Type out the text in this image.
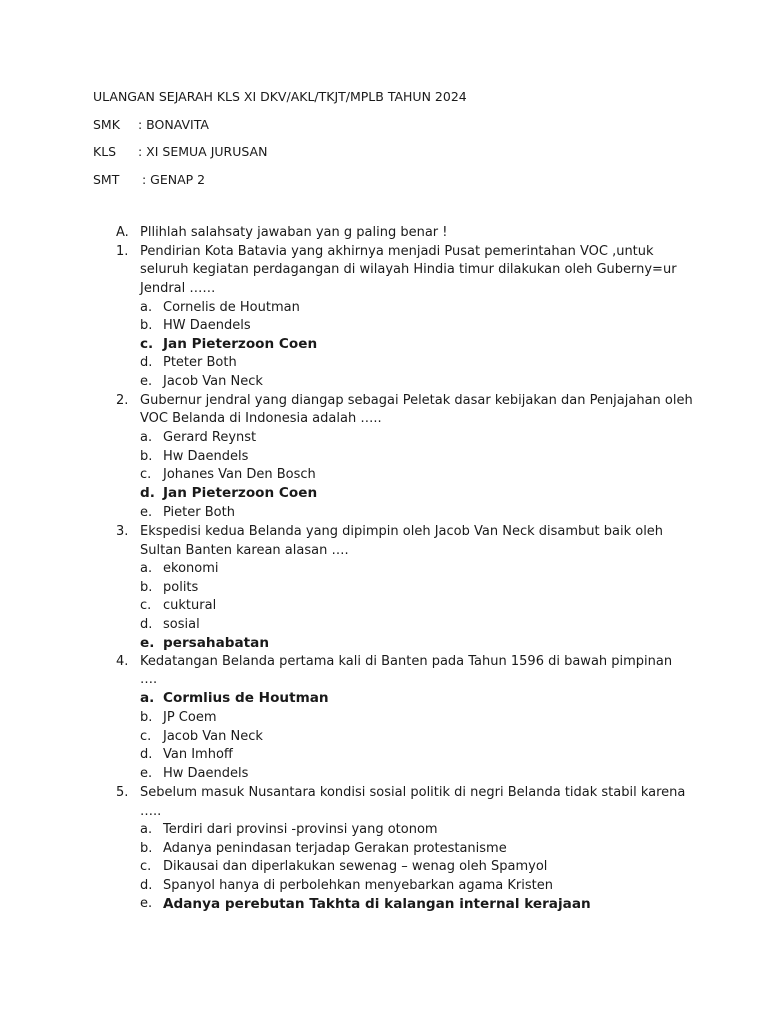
ULANGAN SEJARAH KLS XI DKV/AKL/TKJT/MPLB TAHUN 2024
SMK : BONAVITA
KLS : XI SEMUA JURUSAN
SMT : GENAP 2
A. Pllihlah salahsaty jawaban yan g paling benar !
1. Pendirian Kota Batavia yang akhirnya menjadi Pusat pemerintahan VOC ,untuk
seluruh kegiatan perdagangan di wilayah Hindia timur dilakukan oleh Guberny=ur
Jendral ……
a. Cornelis de Houtman
b. HW Daendels
c. Jan Pieterzoon Coen
d. Pteter Both
e. Jacob Van Neck
2. Gubernur jendral yang diangap sebagai Peletak dasar kebijakan dan Penjajahan oleh
VOC Belanda di Indonesia adalah …..
a. Gerard Reynst
b. Hw Daendels
c. Johanes Van Den Bosch
d. Jan Pieterzoon Coen
e. Pieter Both
3. Ekspedisi kedua Belanda yang dipimpin oleh Jacob Van Neck disambut baik oleh
Sultan Banten karean alasan ….
a. ekonomi
b. polits
c. cuktural
d. sosial
e. persahabatan
4. Kedatangan Belanda pertama kali di Banten pada Tahun 1596 di bawah pimpinan
….
a. Cormlius de Houtman
b. JP Coem
c. Jacob Van Neck
d. Van Imhoff
e. Hw Daendels
5. Sebelum masuk Nusantara kondisi sosial politik di negri Belanda tidak stabil karena
…..
a. Terdiri dari provinsi -provinsi yang otonom
b. Adanya penindasan terjadap Gerakan protestanisme
c. Dikausai dan diperlakukan sewenag – wenag oleh Spamyol
d. Spanyol hanya di perbolehkan menyebarkan agama Kristen
e. Adanya perebutan Takhta di kalangan internal kerajaan
